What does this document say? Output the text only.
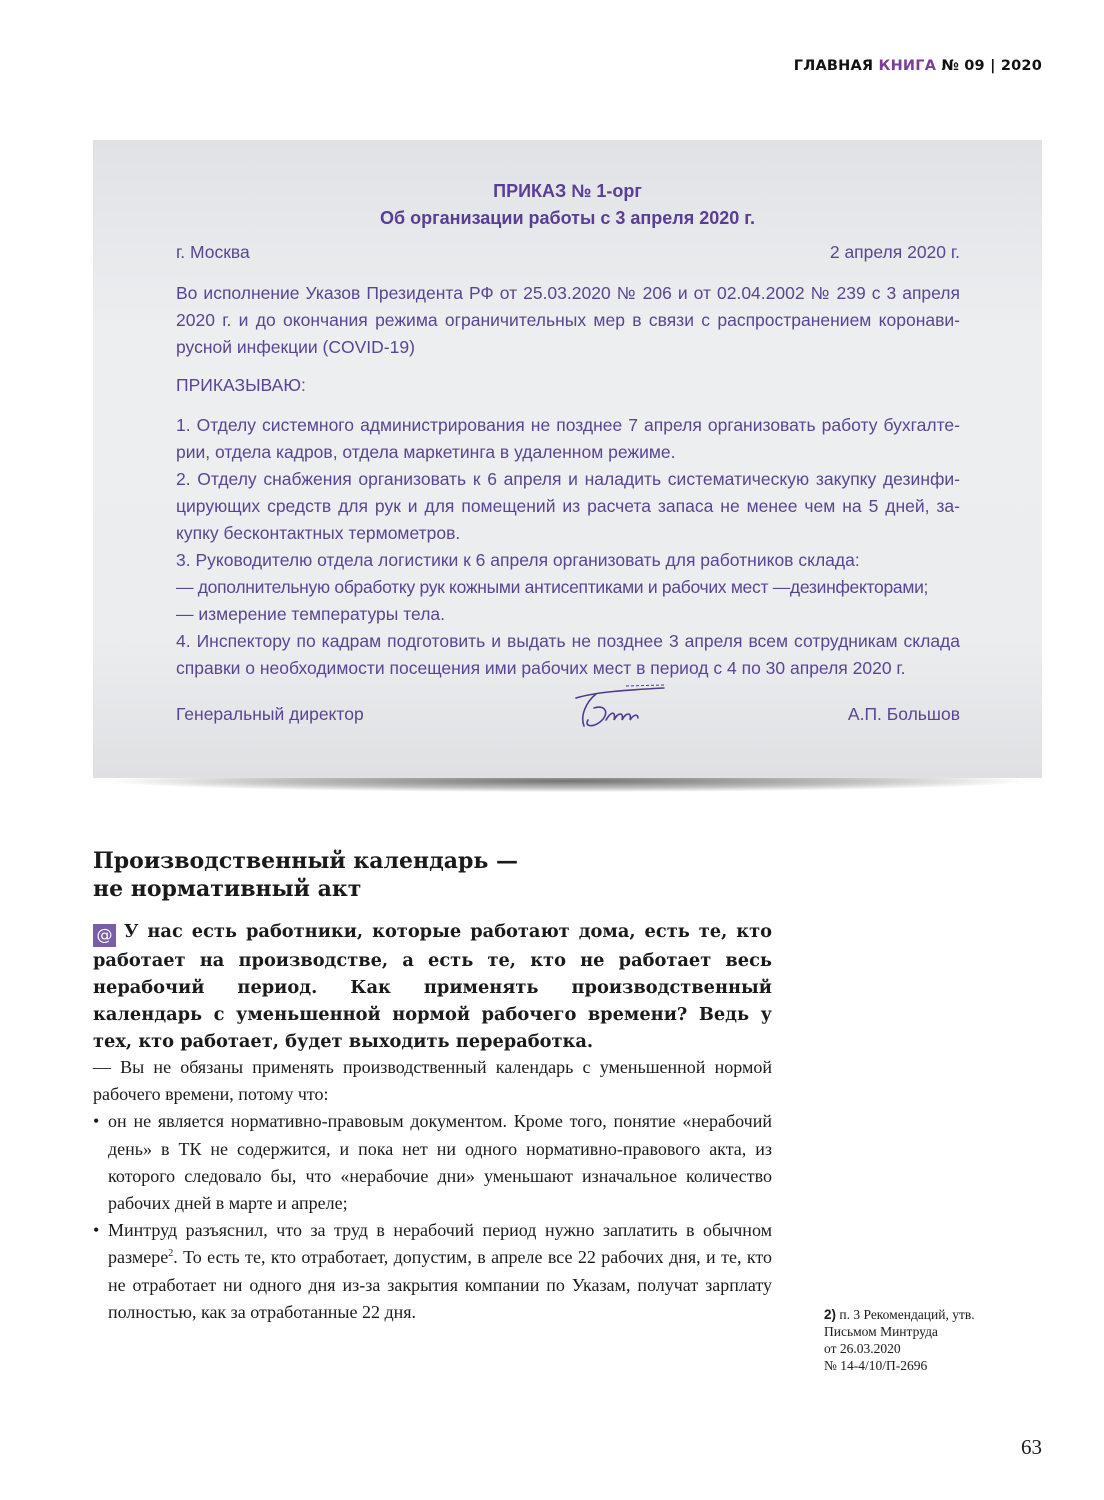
ГЛАВНАЯ КНИГА № 09 | 2020
ПРИКАЗ № 1-орг
Об организации работы с 3 апреля 2020 г.
г. Москва	2 апреля 2020 г.

Во исполнение Указов Президента РФ от 25.03.2020 № 206 и от 02.04.2002 № 239 с 3 апреля 2020 г. и до окончания режима ограничительных мер в связи с распространением коронавирусной инфекции (COVID-19)

ПРИКАЗЫВАЮ:

1. Отделу системного администрирования не позднее 7 апреля организовать работу бухгалтерии, отдела кадров, отдела маркетинга в удаленном режиме.

2. Отделу снабжения организовать к 6 апреля и наладить систематическую закупку дезинфицирующих средств для рук и для помещений из расчета запаса не менее чем на 5 дней, закупку бесконтактных термометров.

3. Руководителю отдела логистики к 6 апреля организовать для работников склада:

— дополнительную обработку рук кожными антисептиками и рабочих мест —дезинфекторами;

— измерение температуры тела.

4. Инспектору по кадрам подготовить и выдать не позднее 3 апреля всем сотрудникам склада справки о необходимости посещения ими рабочих мест в период с 4 по 30 апреля 2020 г.

Генеральный директор	А.П. Большов
Производственный календарь —
не нормативный акт
@ У нас есть работники, которые работают дома, есть те, кто работает на производстве, а есть те, кто не работает весь нерабочий период. Как применять производственный календарь с уменьшенной нормой рабочего времени? Ведь у тех, кто работает, будет выходить переработка.

— Вы не обязаны применять производственный календарь с уменьшенной нормой рабочего времени, потому что:

• он не является нормативно-правовым документом. Кроме того, понятие «нерабочий день» в ТК не содержится, и пока нет ни одного нормативно-правового акта, из которого следовало бы, что «нерабочие дни» уменьшают изначальное количество рабочих дней в марте и апреле;
• Минтруд разъяснил, что за труд в нерабочий период нужно заплатить в обычном размере$^2$. То есть те, кто отработает, допустим, в апреле все 22 рабочих дня, и те, кто не отработает ни одного дня из-за закрытия компании по Указам, получат зарплату полностью, как за отработанные 22 дня.	2) п. 3 Рекомендаций, утв.
Письмом Минтруда
от 26.03.2020
№ 14-4/10/П-2696
63
